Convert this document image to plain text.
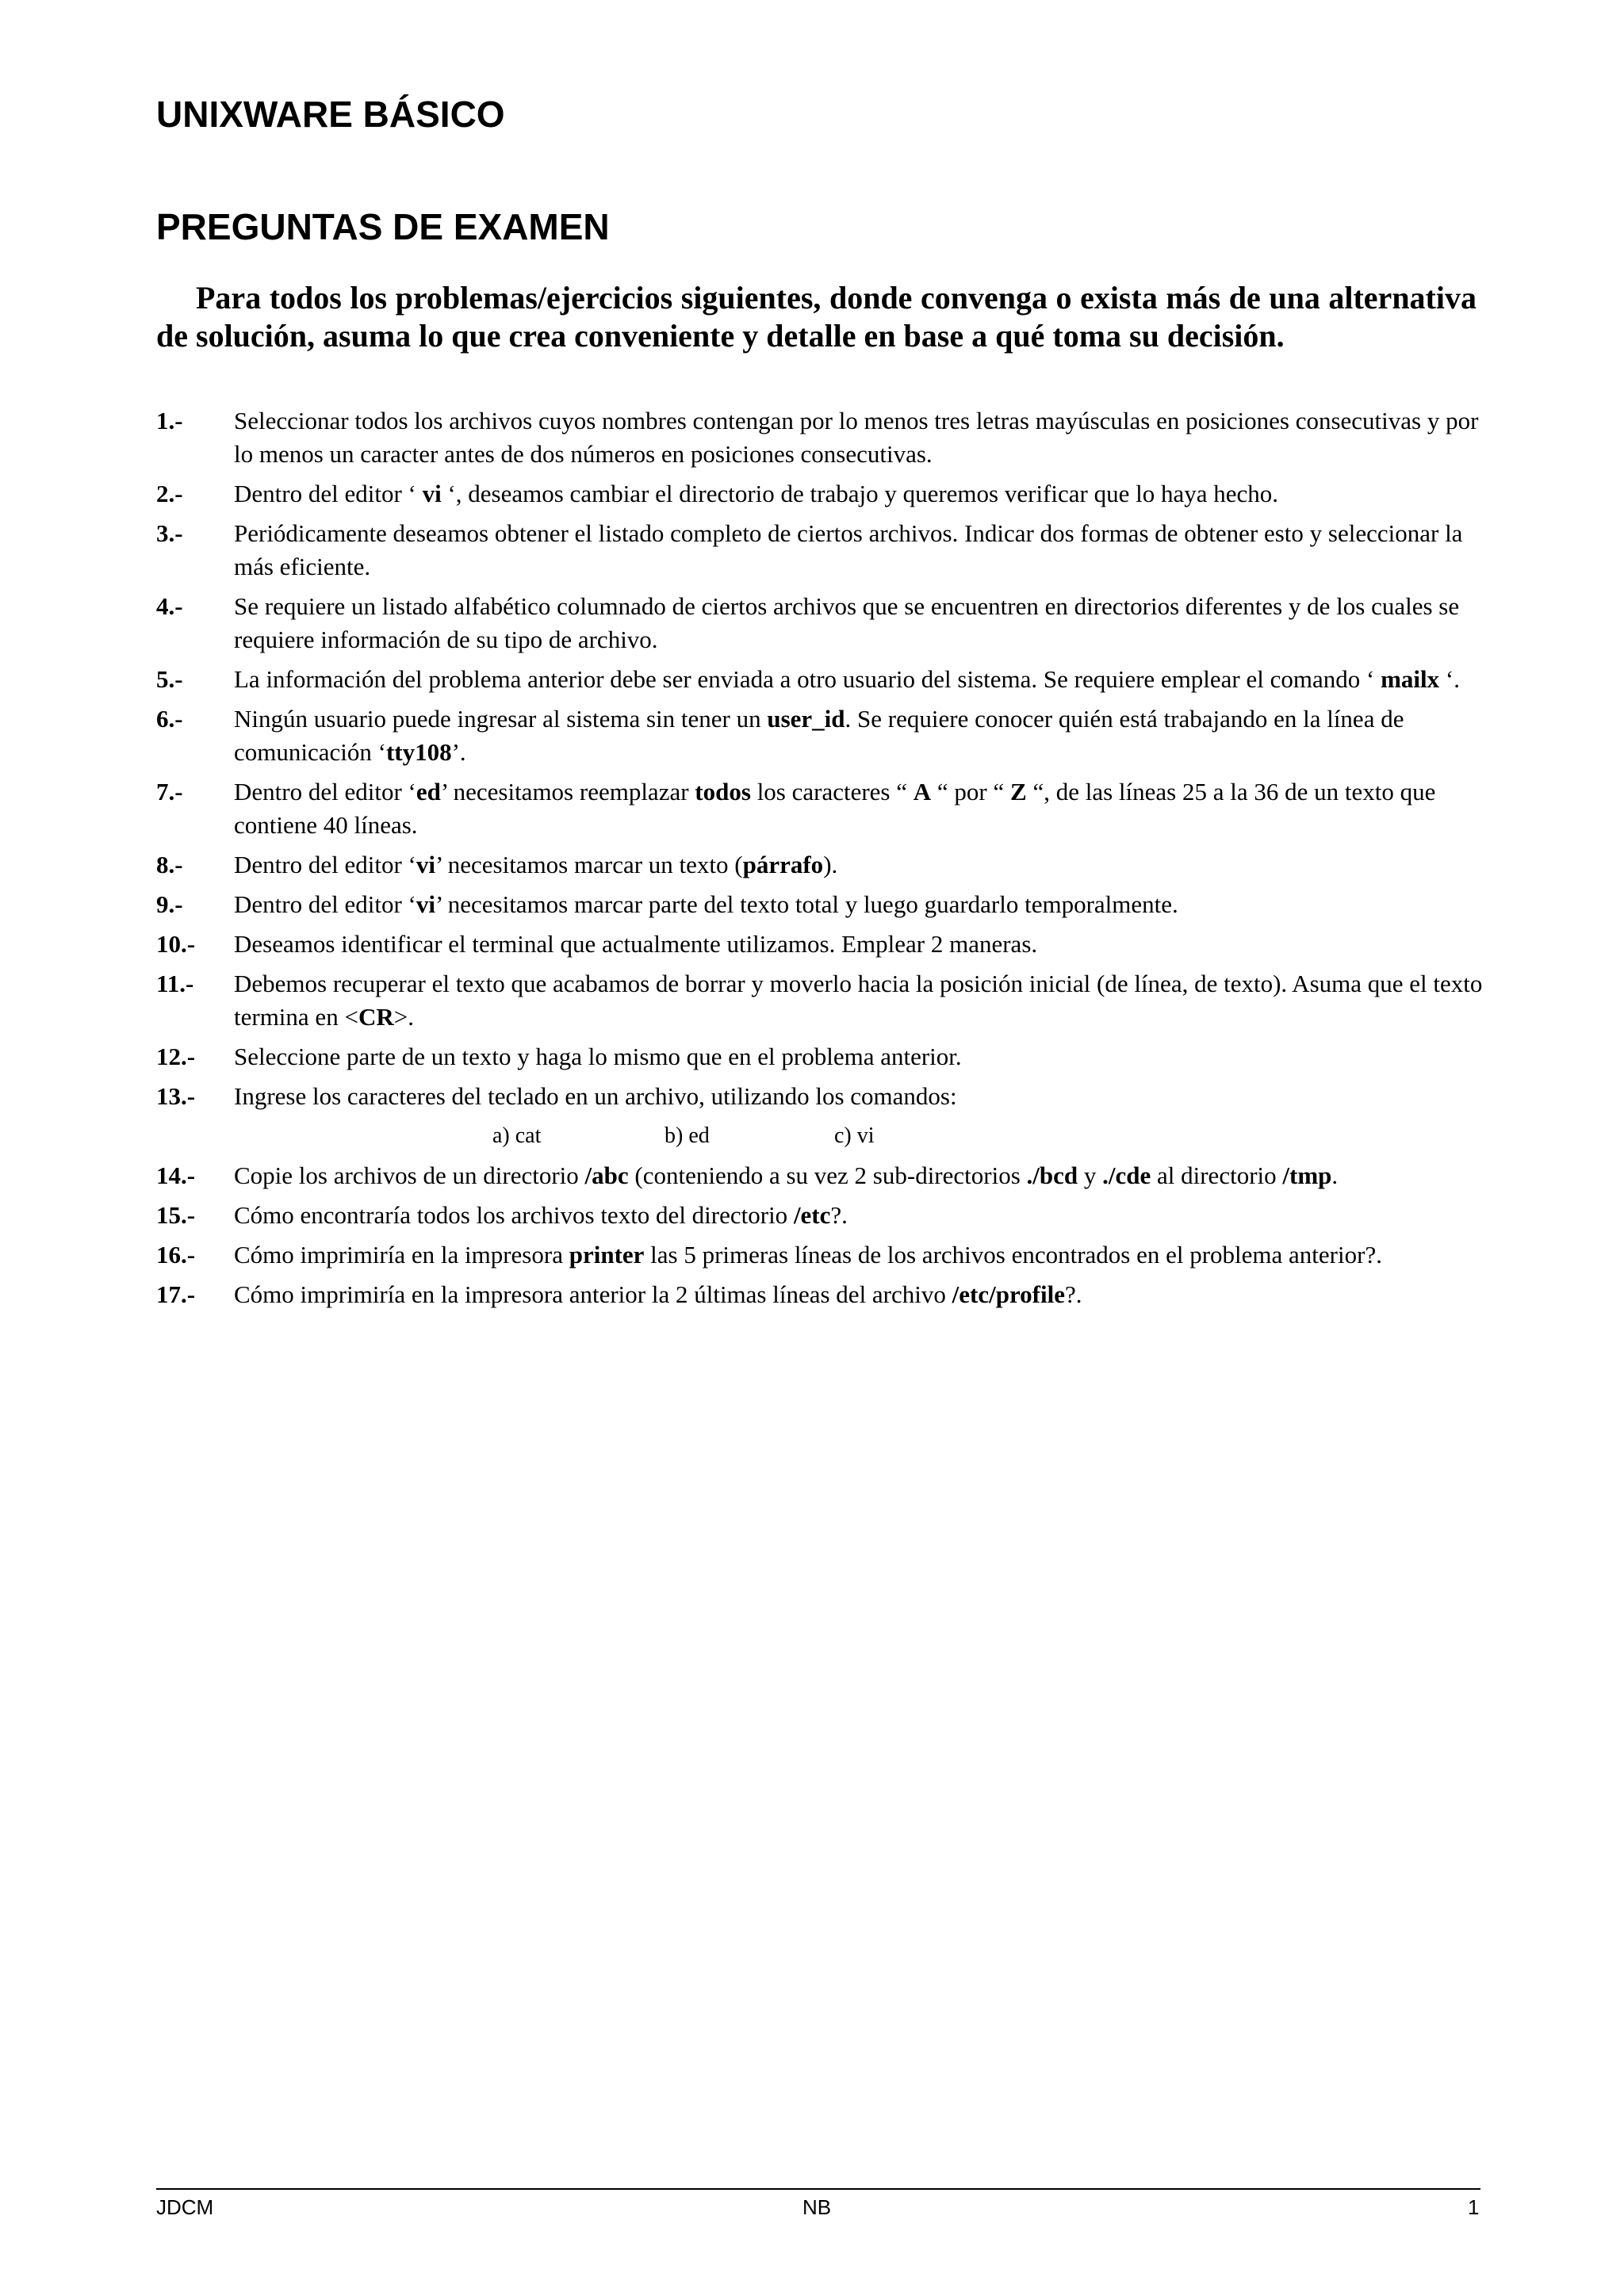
UNIXWARE BÁSICO
PREGUNTAS DE EXAMEN

Para todos los problemas/ejercicios siguientes, donde convenga o exista más de una alternativa de solución, asuma lo que crea conveniente y detalle en base a qué toma su decisión.

1.- Seleccionar todos los archivos cuyos nombres contengan por lo menos tres letras mayúsculas en posiciones consecutivas y por lo menos un caracter antes de dos números en posiciones consecutivas.
2.- Dentro del editor ‘ vi ‘, deseamos cambiar el directorio de trabajo y queremos verificar que lo haya hecho.
3.- Periódicamente deseamos obtener el listado completo de ciertos archivos. Indicar dos formas de obtener esto y seleccionar la más eficiente.
4.- Se requiere un listado alfabético columnado de ciertos archivos que se encuentren en directorios diferentes y de los cuales se requiere información de su tipo de archivo.
5.- La información del problema anterior debe ser enviada a otro usuario del sistema. Se requiere emplear el comando ‘ mailx ‘.
6.- Ningún usuario puede ingresar al sistema sin tener un user_id. Se requiere conocer quién está trabajando en la línea de comunicación ‘tty108’.
7.- Dentro del editor ‘ed’ necesitamos reemplazar todos los caracteres “ A “ por “ Z “, de las líneas 25 a la 36 de un texto que contiene 40 líneas.
8.- Dentro del editor ‘vi’ necesitamos marcar un texto (párrafo).
9.- Dentro del editor ‘vi’ necesitamos marcar parte del texto total y luego guardarlo temporalmente.
10.- Deseamos identificar el terminal que actualmente utilizamos. Emplear 2 maneras.
11.- Debemos recuperar el texto que acabamos de borrar y moverlo hacia la posición inicial (de línea, de texto). Asuma que el texto termina en <CR>.
12.- Seleccione parte de un texto y haga lo mismo que en el problema anterior.
13.- Ingrese los caracteres del teclado en un archivo, utilizando los comandos:
a) cat	b) ed	c) vi
14.- Copie los archivos de un directorio /abc (conteniendo a su vez 2 sub-directorios ./bcd y ./cde al directorio /tmp.
15.- Cómo encontraría todos los archivos texto del directorio /etc?.
16.- Cómo imprimiría en la impresora printer las 5 primeras líneas de los archivos encontrados en el problema anterior?.
17.- Cómo imprimiría en la impresora anterior la 2 últimas líneas del archivo /etc/profile?.
JDCM	NB	1
